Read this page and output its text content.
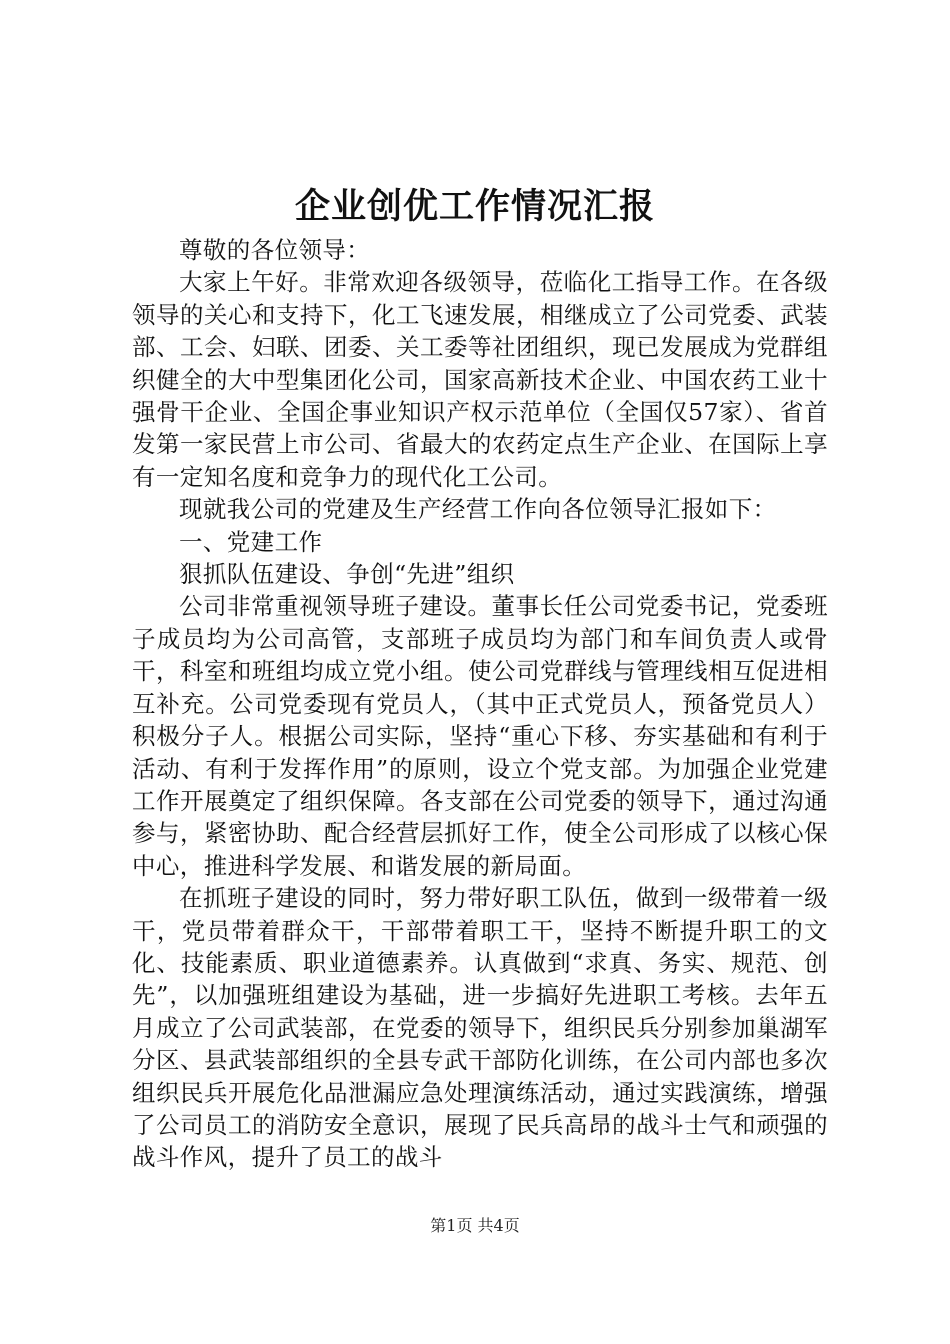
企业创优工作情况汇报

尊敬的各位领导：

大家上午好。非常欢迎各级领导，莅临化工指导工作。在各级领导的关心和支持下，化工飞速发展，相继成立了公司党委、武装部、工会、妇联、团委、关工委等社团组织，现已发展成为党群组织健全的大中型集团化公司，国家高新技术企业、中国农药工业十强骨干企业、全国企事业知识产权示范单位（全国仅57家）、省首发第一家民营上市公司、省最大的农药定点生产企业、在国际上享有一定知名度和竞争力的现代化工公司。

现就我公司的党建及生产经营工作向各位领导汇报如下：

一、党建工作

狠抓队伍建设、争创“先进”组织

公司非常重视领导班子建设。董事长任公司党委书记，党委班子成员均为公司高管，支部班子成员均为部门和车间负责人或骨干，科室和班组均成立党小组。使公司党群线与管理线相互促进相互补充。公司党委现有党员人，（其中正式党员人，预备党员人）积极分子人。根据公司实际，坚持“重心下移、夯实基础和有利于活动、有利于发挥作用”的原则，设立个党支部。为加强企业党建工作开展奠定了组织保障。各支部在公司党委的领导下，通过沟通参与，紧密协助、配合经营层抓好工作，使全公司形成了以核心保中心，推进科学发展、和谐发展的新局面。

在抓班子建设的同时，努力带好职工队伍，做到一级带着一级干，党员带着群众干，干部带着职工干，坚持不断提升职工的文化、技能素质、职业道德素养。认真做到“求真、务实、规范、创先”，以加强班组建设为基础，进一步搞好先进职工考核。去年五月成立了公司武装部，在党委的领导下，组织民兵分别参加巢湖军分区、县武装部组织的全县专武干部防化训练，在公司内部也多次组织民兵开展危化品泄漏应急处理演练活动，通过实践演练，增强了公司员工的消防安全意识，展现了民兵高昂的战斗士气和顽强的战斗作风，提升了员工的战斗

第1页 共4页
